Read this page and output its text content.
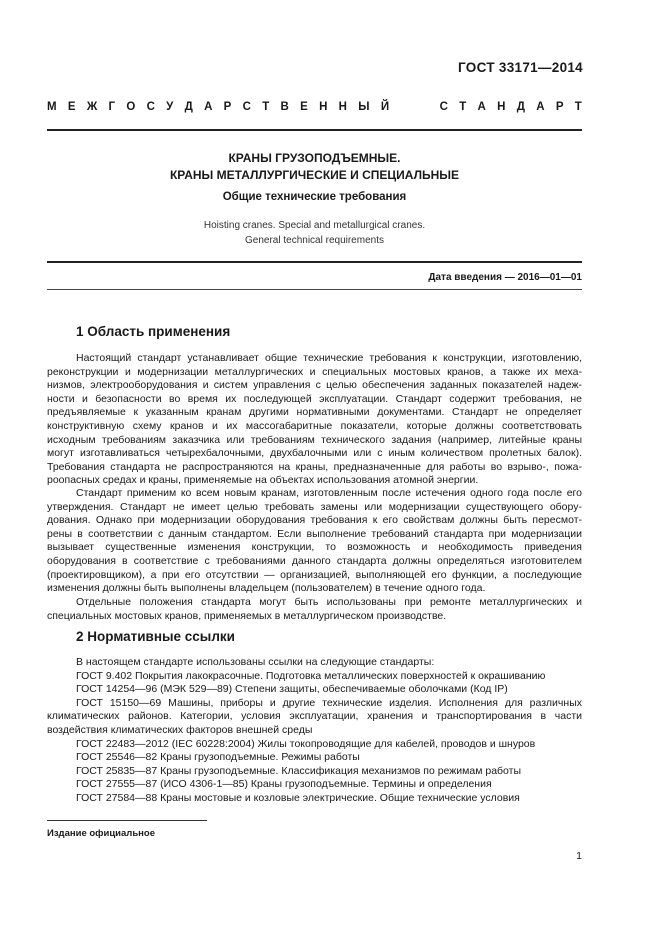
ГОСТ 33171—2014
М Е Ж Г О С У Д А Р С Т В Е Н Н Ы Й	С Т А Н Д А Р Т
КРАНЫ ГРУЗОПОДЪЕМНЫЕ.
КРАНЫ МЕТАЛЛУРГИЧЕСКИЕ И СПЕЦИАЛЬНЫЕ
Общие технические требования
Hoisting cranes. Special and metallurgical cranes.
General technical requirements
Дата введения — 2016—01—01
1 Область применения
Настоящий стандарт устанавливает общие технические требования к конструкции, изготовлению,
реконструкции и модернизации металлургических и специальных мостовых кранов, а также их меха-
низмов, электрооборудования и систем управления с целью обеспечения заданных показателей надеж-
ности и безопасности во время их последующей эксплуатации. Стандарт содержит требования, не
предъявляемые к указанным кранам другими нормативными документами. Стандарт не определяет
конструктивную схему кранов и их массогабаритные показатели, которые должны соответствовать
исходным требованиям заказчика или требованиям технического задания (например, литейные краны
могут изготавливаться четырехбалочными, двухбалочными или с иным количеством пролетных балок).
Требования стандарта не распространяются на краны, предназначенные для работы во взрыво-, пожа-
роопасных средах и краны, применяемые на объектах использования атомной энергии.
Стандарт применим ко всем новым кранам, изготовленным после истечения одного года после его
утверждения. Стандарт не имеет целью требовать замены или модернизации существующего обору-
дования. Однако при модернизации оборудования требования к его свойствам должны быть пересмот-
рены в соответствии с данным стандартом. Если выполнение требований стандарта при модернизации
вызывает существенные изменения конструкции, то возможность и необходимость приведения
оборудования в соответствие с требованиями данного стандарта должны определяться изготовителем
(проектировщиком), а при его отсутствии — организацией, выполняющей его функции, а последующие
изменения должны быть выполнены владельцем (пользователем) в течение одного года.
Отдельные положения стандарта могут быть использованы при ремонте металлургических и
специальных мостовых кранов, применяемых в металлургическом производстве.
2 Нормативные ссылки
В настоящем стандарте использованы ссылки на следующие стандарты:
ГОСТ 9.402 Покрытия лакокрасочные. Подготовка металлических поверхностей к окрашиванию
ГОСТ 14254—96 (МЭК 529—89) Степени защиты, обеспечиваемые оболочками (Код IP)
ГОСТ 15150—69 Машины, приборы и другие технические изделия. Исполнения для различных
климатических районов. Категории, условия эксплуатации, хранения и транспортирования в части
воздействия климатических факторов внешней среды
ГОСТ 22483—2012 (IEC 60228:2004) Жилы токопроводящие для кабелей, проводов и шнуров
ГОСТ 25546—82 Краны грузоподъемные. Режимы работы
ГОСТ 25835—87 Краны грузоподъемные. Классификация механизмов по режимам работы
ГОСТ 27555—87 (ИСО 4306-1—85) Краны грузоподъемные. Термины и определения
ГОСТ 27584—88 Краны мостовые и козловые электрические. Общие технические условия
Издание официальное
1
